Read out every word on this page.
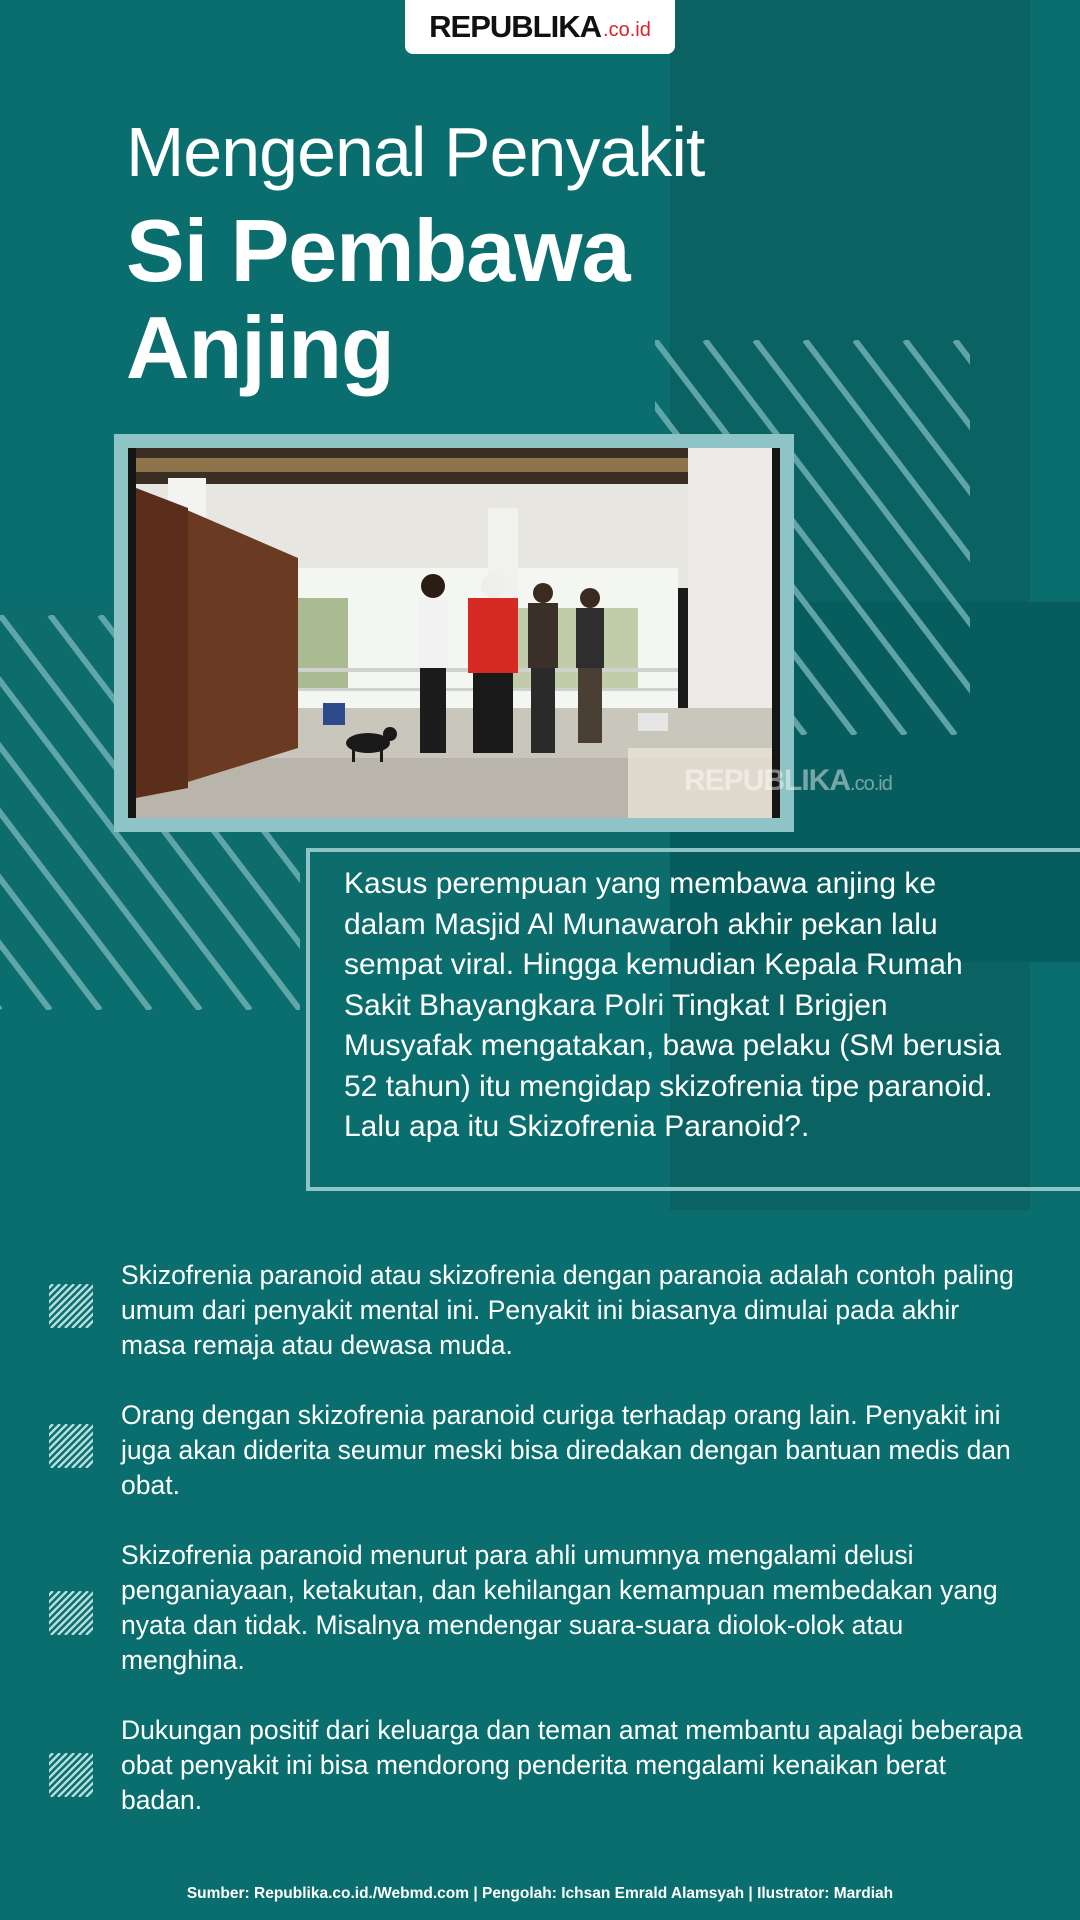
REPUBLIKA .co.id
Mengenal Penyakit
Si Pembawa
Anjing
REPUBLIKA.co.id
Kasus perempuan yang membawa anjing ke dalam Masjid Al Munawaroh akhir pekan lalu sempat viral. Hingga kemudian Kepala Rumah Sakit Bhayangkara Polri Tingkat I Brigjen Musyafak mengatakan, bawa pelaku (SM berusia 52 tahun) itu mengidap skizofrenia tipe paranoid. Lalu apa itu Skizofrenia Paranoid?.
Skizofrenia paranoid atau skizofrenia dengan paranoia adalah contoh paling umum dari penyakit mental ini. Penyakit ini biasanya dimulai pada akhir masa remaja atau dewasa muda.
Orang dengan skizofrenia paranoid curiga terhadap orang lain. Penyakit ini juga akan diderita seumur meski bisa diredakan dengan bantuan medis dan obat.
Skizofrenia paranoid menurut para ahli umumnya mengalami delusi penganiayaan, ketakutan, dan kehilangan kemampuan membedakan yang nyata dan tidak. Misalnya mendengar suara-suara diolok-olok atau menghina.
Dukungan positif dari keluarga dan teman amat membantu apalagi beberapa obat penyakit ini bisa mendorong penderita mengalami kenaikan berat badan.
Sumber: Republika.co.id./Webmd.com | Pengolah: Ichsan Emrald Alamsyah | Ilustrator: Mardiah
